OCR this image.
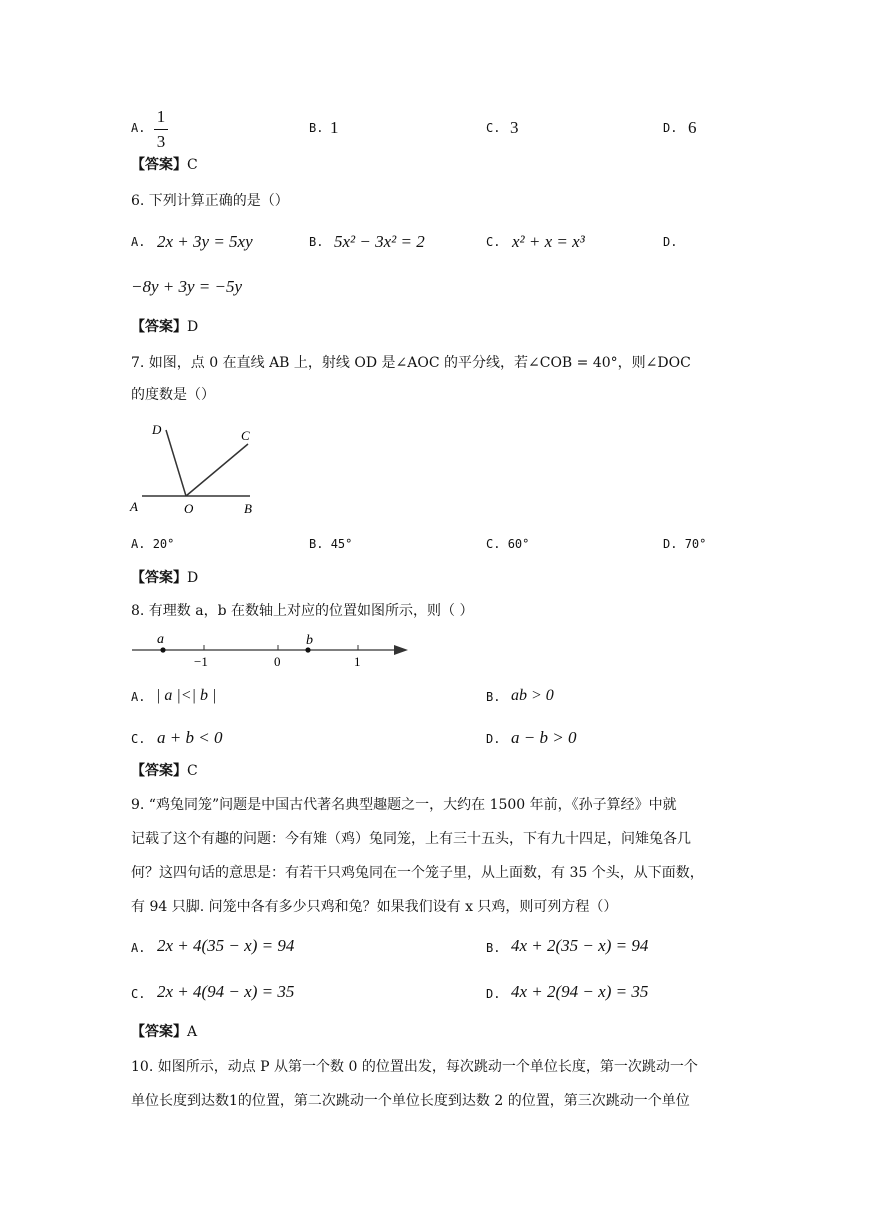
A.
1
3
B. 1	C. 3	D. 6
【答案】C
6. 下列计算正确的是（）
A. 2x + 3y = 5xy	B. 5x² − 3x² = 2	C. x² + x = x³	D.
−8y + 3y = −5y
【答案】D
7. 如图，点 0 在直线 AB 上，射线 OD 是∠AOC 的平分线，若∠COB = 40°，则∠DOC
的度数是（）
D	C
A	O	B
A. 20°	B. 45°	C. 60°	D. 70°
【答案】D
8. 有理数 a，b 在数轴上对应的位置如图所示，则（ ）
a	b
−1	0	1
A. | a |<| b |	B. ab > 0
C. a + b < 0	D. a − b > 0
【答案】C
9. “鸡兔同笼”问题是中国古代著名典型趣题之一，大约在 1500 年前，《孙子算经》中就
记载了这个有趣的问题：今有雉（鸡）兔同笼，上有三十五头，下有九十四足，问雉兔各几
何？这四句话的意思是：有若干只鸡兔同在一个笼子里，从上面数，有 35 个头，从下面数，
有 94 只脚. 问笼中各有多少只鸡和兔？如果我们设有 x 只鸡，则可列方程（）
A. 2x + 4(35 − x) = 94	B. 4x + 2(35 − x) = 94
C. 2x + 4(94 − x) = 35	D. 4x + 2(94 − x) = 35
【答案】A
10. 如图所示，动点 P 从第一个数 0 的位置出发，每次跳动一个单位长度，第一次跳动一个
单位长度到达数1的位置，第二次跳动一个单位长度到达数 2 的位置，第三次跳动一个单位
